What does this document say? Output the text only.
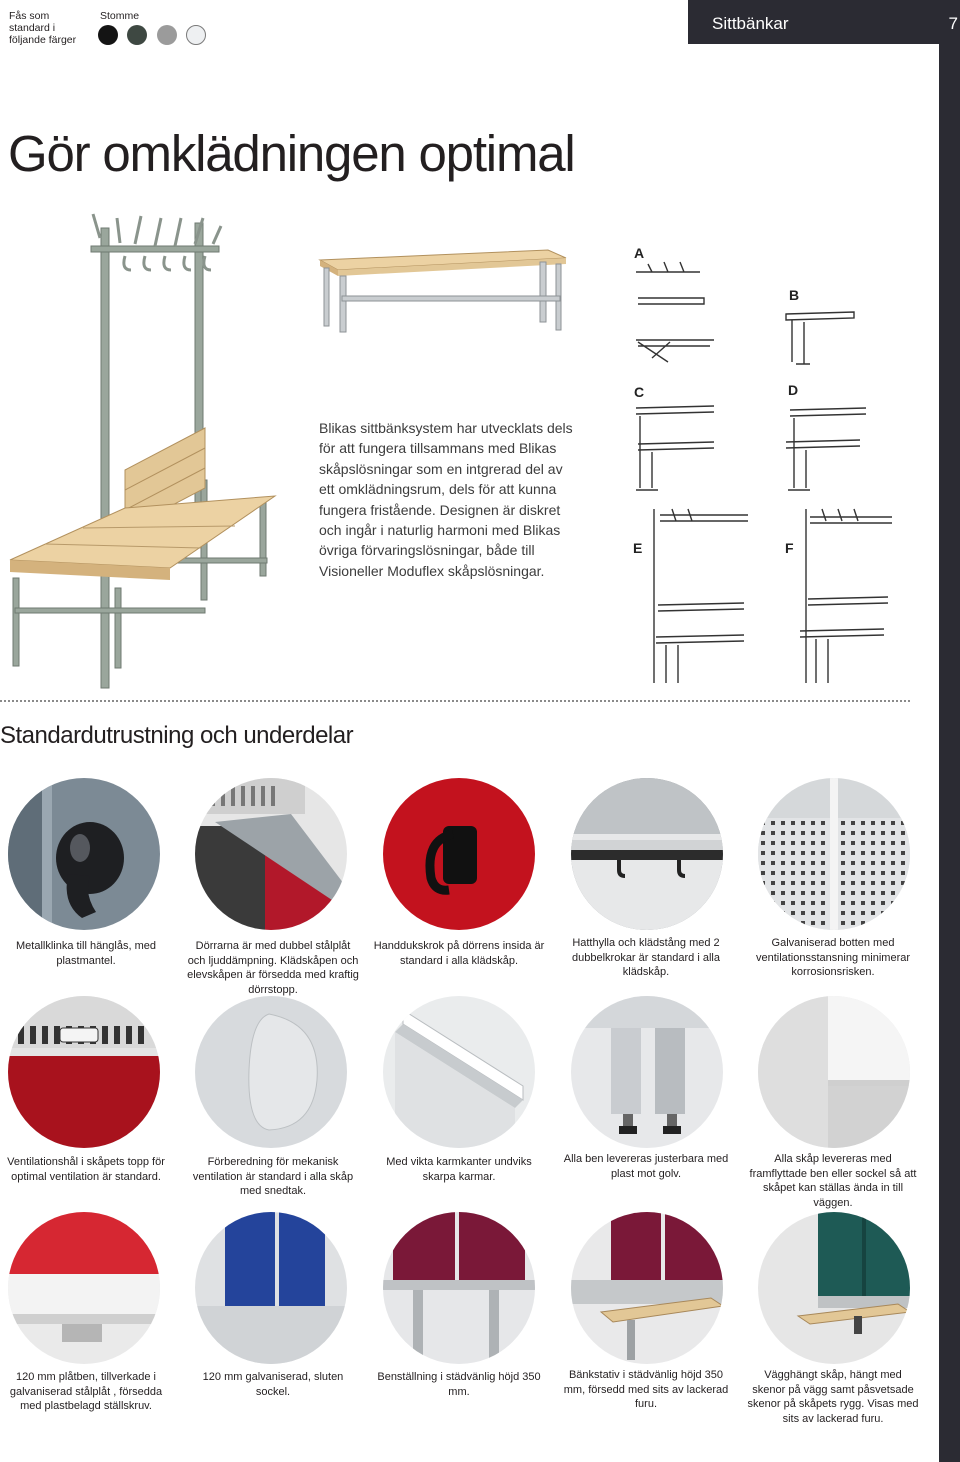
Sittbänkar	7
Fås som standard i följande färger
Stomme
Gör omklädningen optimal

Blikas sittbänksystem har utvecklats dels för att fungera tillsammans med Blikas skåpslösningar som en intgrerad del av ett omklädningsrum, dels för att kunna fungera fristående. Designen är diskret och ingår i naturlig harmoni med Blikas övriga förvaringslösningar, både till Visioneller Moduflex skåpslösningar.

A
B
C	D
E	F
Standardutrustning och underdelar
Metallklinka till hänglås, med plastmantel.
Dörrarna är med dubbel stålplåt och ljuddämpning. Klädskåpen och elevskåpen är försedda med kraftig dörrstopp.
Handdukskrok på dörrens insida är standard i alla klädskåp.
Hatthylla och klädstång med 2 dubbelkrokar är standard i alla klädskåp.
Galvaniserad botten med ventilationsstansning minimerar korrosionsrisken.
Ventilationshål i skåpets topp för optimal ventilation är standard.
Förberedning för mekanisk ventilation är standard i alla skåp med snedtak.
Med vikta karmkanter undviks skarpa karmar.
Alla ben levereras justerbara med plast mot golv.
Alla skåp levereras med framflyttade ben eller sockel så att skåpet kan ställas ända in till väggen.
120 mm plåtben, tillverkade i galvaniserad stålplåt , försedda med plastbelagd ställskruv.
120 mm galvaniserad, sluten sockel.
Benställning i städvänlig höjd 350 mm.
Bänkstativ i städvänlig höjd 350 mm, försedd med sits av lackerad furu.
Vägghängt skåp, hängt med skenor på vägg samt påsvetsade skenor på skåpets rygg. Visas med sits av lackerad furu.
